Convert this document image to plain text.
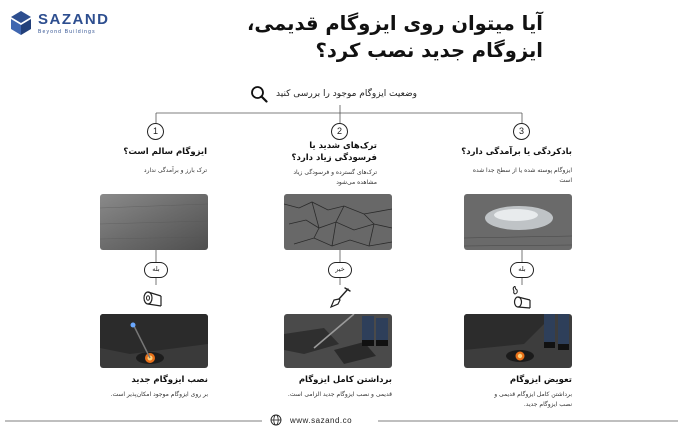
SAZAND
Beyond Buildings	آیا میتوان روی ایزوگام قدیمی، ایزوگام جدید نصب کرد؟
وضعیت ایزوگام موجود را بررسی کنید
1	2	3
ایزوگام سالم است؟
ترک‌های شدید یا فرسودگی زیاد دارد؟
بادکردگی یا برآمدگی دارد؟
ترک بارز و برآمدگی ندارد	ترک‌های گسترده و فرسودگی زیاد مشاهده می‌شود
ایزوگام پوسته شده یا از سطح جدا شده است
بله	خیر	بله
نصب ایزوگام جدید	برداشتن کامل ایزوگام	تعویض ایزوگام
بر روی ایزوگام موجود امکان‌پذیر است.	قدیمی و نصب ایزوگام جدید الزامی است.	برداشتن کامل ایزوگام قدیمی و نصب ایزوگام جدید.
www.sazand.co
